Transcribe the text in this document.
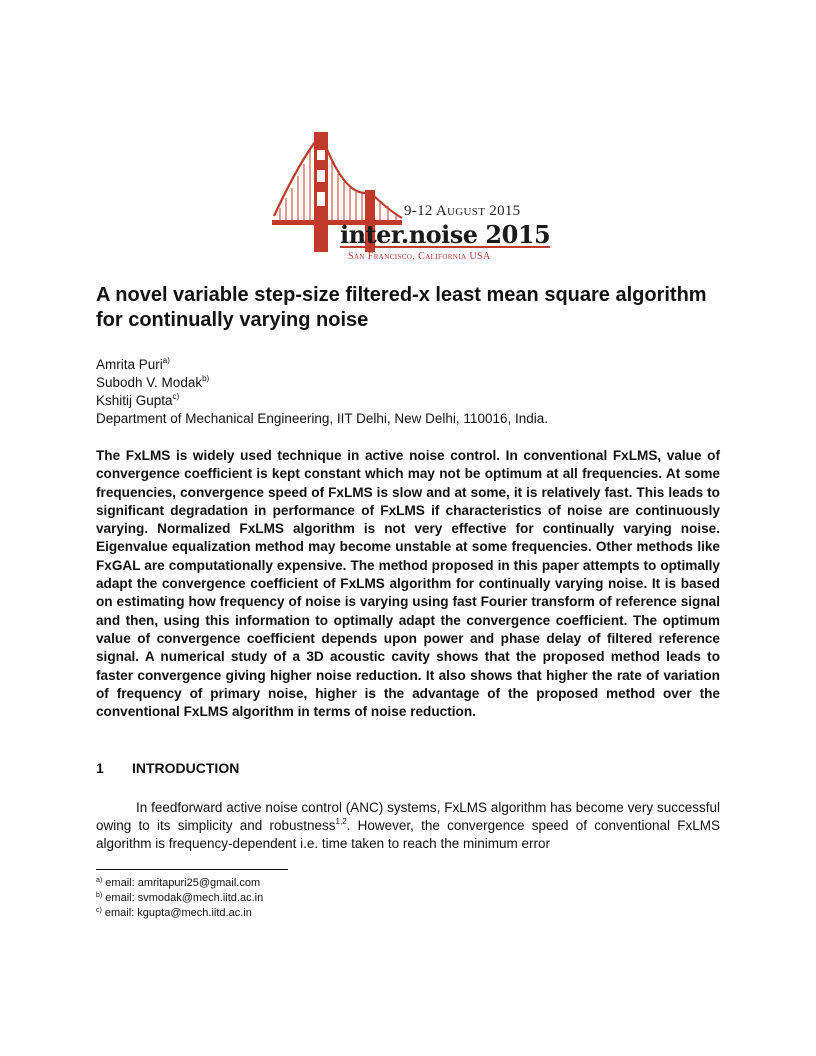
9-12 August 2015
inter.noise 2015
San Francisco, California USA
A novel variable step-size filtered-x least mean square algorithm for continually varying noise
Amrita Puri$^{a)}$
Subodh V. Modak$^{b)}$
Kshitij Gupta$^{c)}$
Department of Mechanical Engineering, IIT Delhi, New Delhi, 110016, India.

The FxLMS is widely used technique in active noise control. In conventional FxLMS, value of convergence coefficient is kept constant which may not be optimum at all frequencies. At some frequencies, convergence speed of FxLMS is slow and at some, it is relatively fast. This leads to significant degradation in performance of FxLMS if characteristics of noise are continuously varying. Normalized FxLMS algorithm is not very effective for continually varying noise. Eigenvalue equalization method may become unstable at some frequencies. Other methods like FxGAL are computationally expensive. The method proposed in this paper attempts to optimally adapt the convergence coefficient of FxLMS algorithm for continually varying noise. It is based on estimating how frequency of noise is varying using fast Fourier transform of reference signal and then, using this information to optimally adapt the convergence coefficient. The optimum value of convergence coefficient depends upon power and phase delay of filtered reference signal. A numerical study of a 3D acoustic cavity shows that the proposed method leads to faster convergence giving higher noise reduction. It also shows that higher the rate of variation of frequency of primary noise, higher is the advantage of the proposed method over the conventional FxLMS algorithm in terms of noise reduction.

1 INTRODUCTION

In feedforward active noise control (ANC) systems, FxLMS algorithm has become very successful owing to its simplicity and robustness$^{1,2}$. However, the convergence speed of conventional FxLMS algorithm is frequency-dependent i.e. time taken to reach the minimum error

$^{a)}$ email: amritapuri25@gmail.com
$^{b)}$ email: svmodak@mech.iitd.ac.in
$^{c)}$ email: kgupta@mech.iitd.ac.in
